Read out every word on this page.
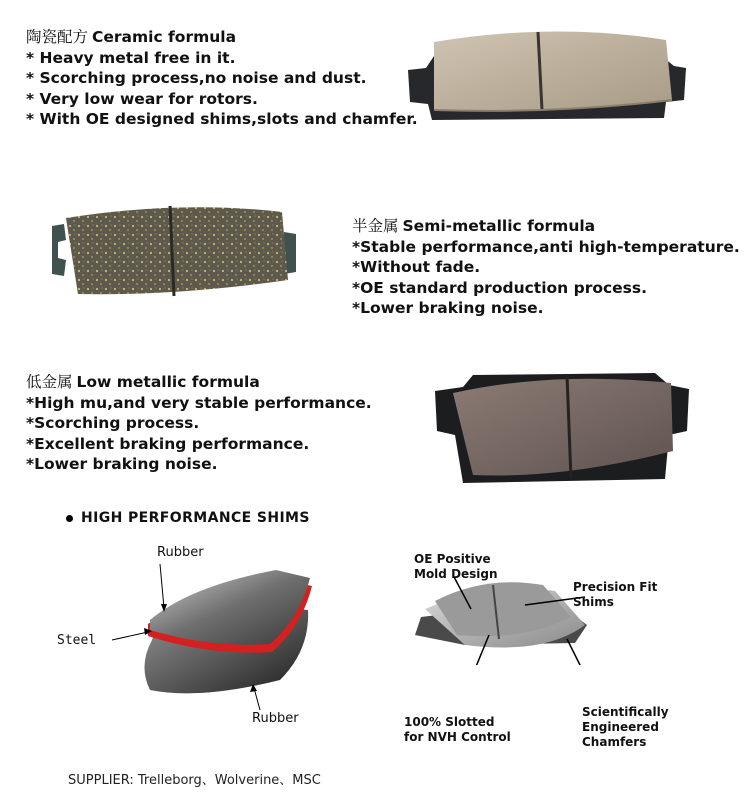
陶瓷配方 Ceramic formula
* Heavy metal free in it.
* Scorching process,no noise and dust.
* Very low wear for rotors.
* With OE designed shims,slots and chamfer.
半金属 Semi-metallic formula
*Stable performance,anti high-temperature.
*Without fade.
*OE standard production process.
*Lower braking noise.
低金属 Low metallic formula
*High mu,and very stable performance.
*Scorching process.
*Excellent braking performance.
*Lower braking noise.
HIGH PERFORMANCE SHIMS
Rubber
Steel
Rubber
OE Positive
Mold Design
Precision Fit
Shims
100% Slotted
for NVH Control
Scientifically
Engineered
Chamfers
SUPPLIER: Trelleborg、Wolverine、MSC
